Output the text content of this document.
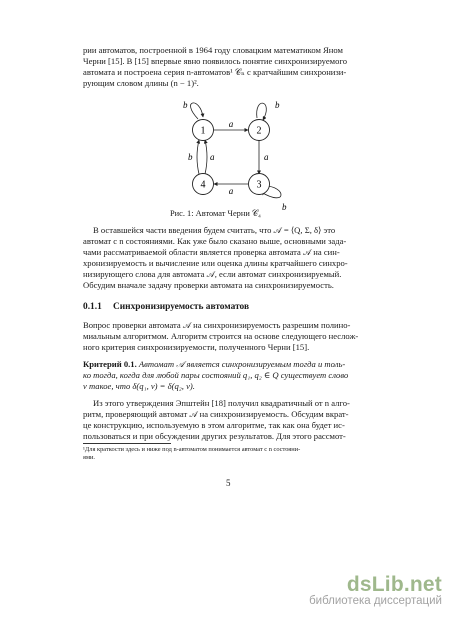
рии автоматов, построенной в 1964 году словацким математиком Яном
Черни [15]. В [15] впервые явно появилось понятие синхронизируемого
автомата и построена серия n-автоматов¹ 𝒞ₙ с кратчайшим синхронизи-
рующим словом длины (n − 1)².

1	2
3
4
a
a
a
a
b
b	b
b
Рис. 1: Автомат Черни 𝒞₄

В оставшейся части введения будем считать, что 𝒜 = ⟨Q, Σ, δ⟩ это
автомат с n состояниями. Как уже было сказано выше, основными зада-
чами рассматриваемой области является проверка автомата 𝒜 на син-
хронизируемость и вычисление или оценка длины кратчайшего синхро-
низирующего слова для автомата 𝒜, если автомат синхронизируемый.
Обсудим вначале задачу проверки автомата на синхронизируемость.

0.1.1 Синхронизируемость автоматов

Вопрос проверки автомата 𝒜 на синхронизируемость разрешим полино-
миальным алгоритмом. Алгоритм строится на основе следующего неслож-
ного критерия синхронизируемости, полученного Черни [15].

Критерий 0.1. Автомат 𝒜 является синхронизируемым тогда и толь-
ко тогда, когда для любой пары состояний q₁, q₂ ∈ Q существует слово
v такое, что δ(q₁, v) = δ(q₂, v).

Из этого утверждения Эпштейн [18] получил квадратичный от n алго-
ритм, проверяющий автомат 𝒜 на синхронизируемость. Обсудим вкрат-
це конструкцию, используемую в этом алгоритме, так как она будет ис-
пользоваться и при обсуждении других результатов. Для этого рассмот-

¹Для краткости здесь и ниже под n-автоматом понимается автомат с n состояни-
ями.
5
dsLib.net
библиотека диссертаций
